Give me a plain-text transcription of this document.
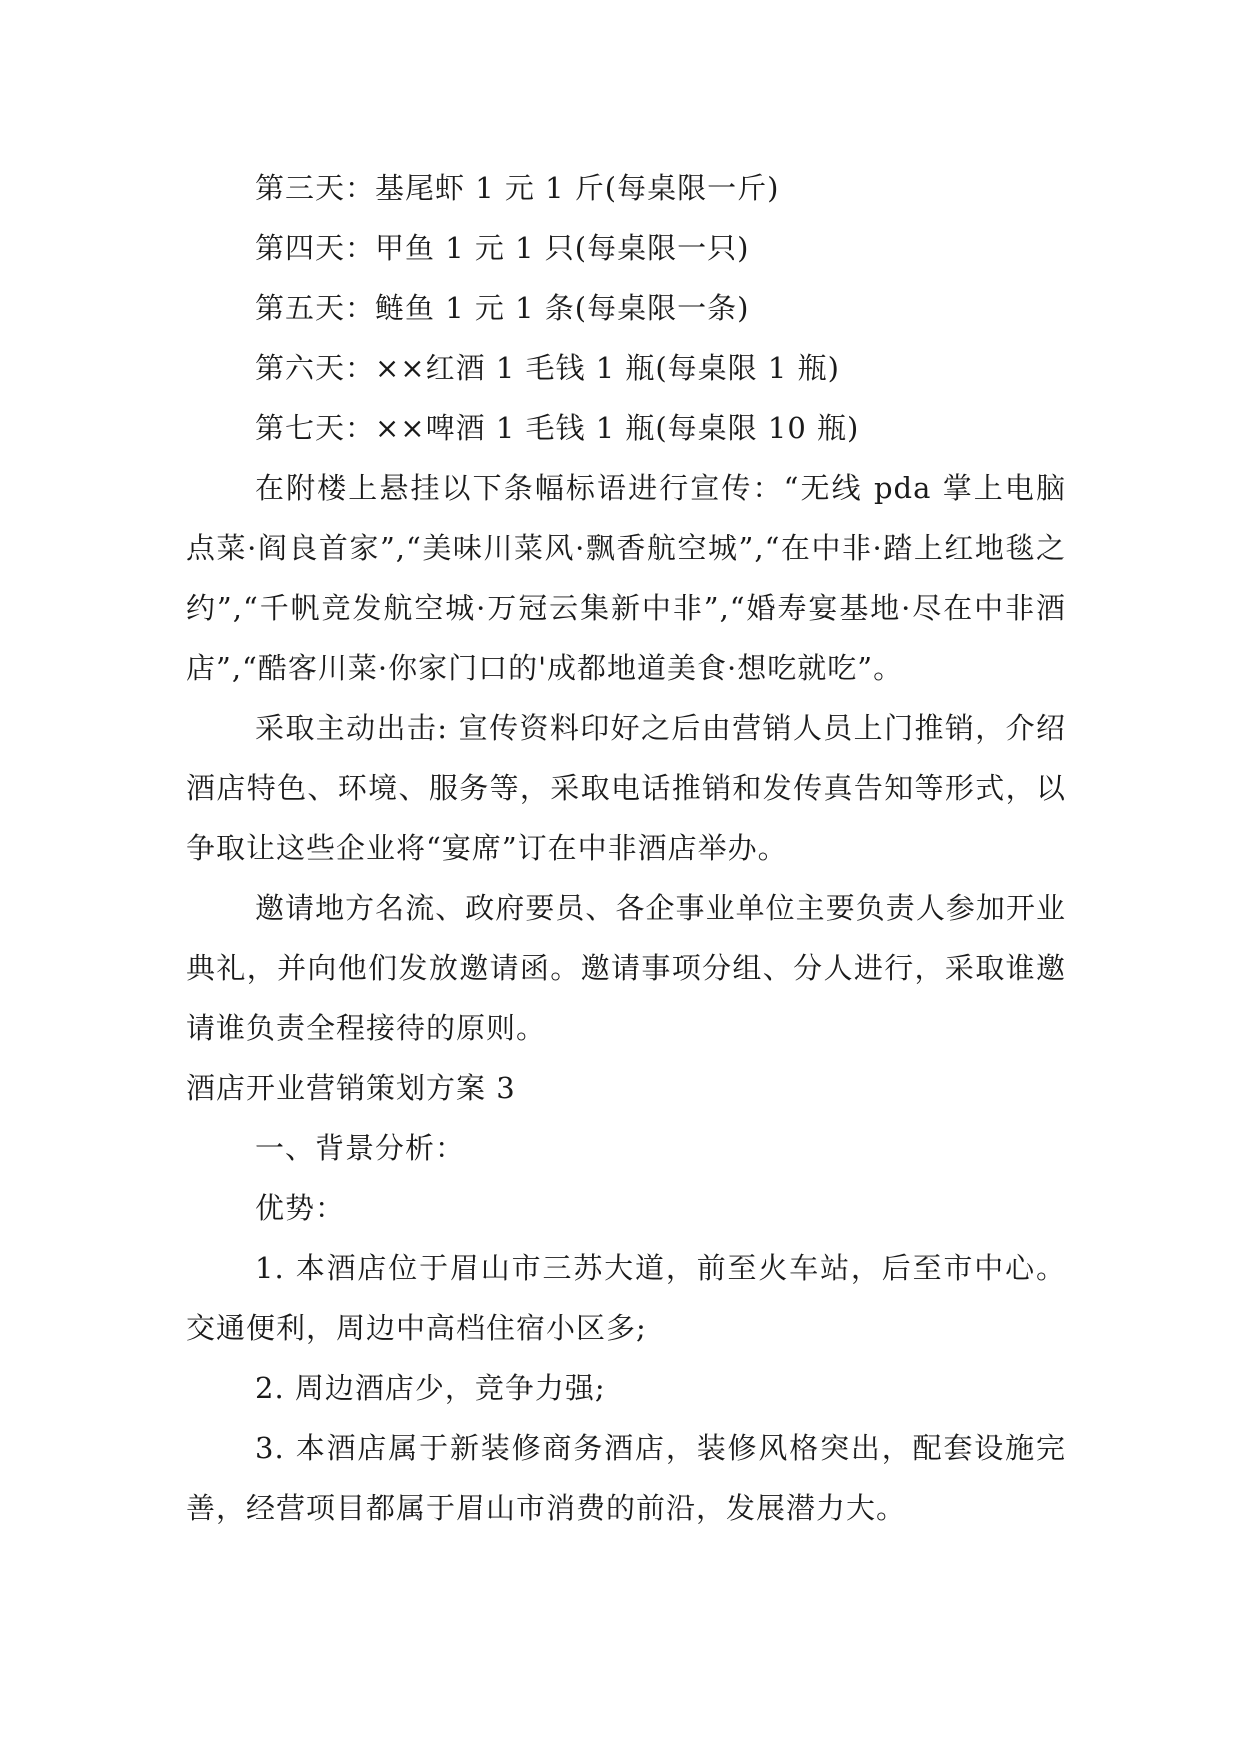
第三天：基尾虾 1 元 1 斤(每桌限一斤)

第四天：甲鱼 1 元 1 只(每桌限一只)

第五天：鲢鱼 1 元 1 条(每桌限一条)

第六天：××红酒 1 毛钱 1 瓶(每桌限 1 瓶)

第七天：××啤酒 1 毛钱 1 瓶(每桌限 10 瓶)

在附楼上悬挂以下条幅标语进行宣传：“无线 pda 掌上电脑点菜·阎良首家”,“美味川菜风·飘香航空城”,“在中非·踏上红地毯之约”,“千帆竞发航空城·万冠云集新中非”,“婚寿宴基地·尽在中非酒店”,“酷客川菜·你家门口的'成都地道美食·想吃就吃”。

采取主动出击: 宣传资料印好之后由营销人员上门推销，介绍酒店特色、环境、服务等，采取电话推销和发传真告知等形式，以争取让这些企业将“宴席”订在中非酒店举办。

邀请地方名流、政府要员、各企事业单位主要负责人参加开业典礼，并向他们发放邀请函。邀请事项分组、分人进行，采取谁邀请谁负责全程接待的原则。

酒店开业营销策划方案 3

一、背景分析：

优势：

1. 本酒店位于眉山市三苏大道，前至火车站，后至市中心。交通便利，周边中高档住宿小区多;

2. 周边酒店少，竞争力强;

3. 本酒店属于新装修商务酒店，装修风格突出，配套设施完善，经营项目都属于眉山市消费的前沿，发展潜力大。
